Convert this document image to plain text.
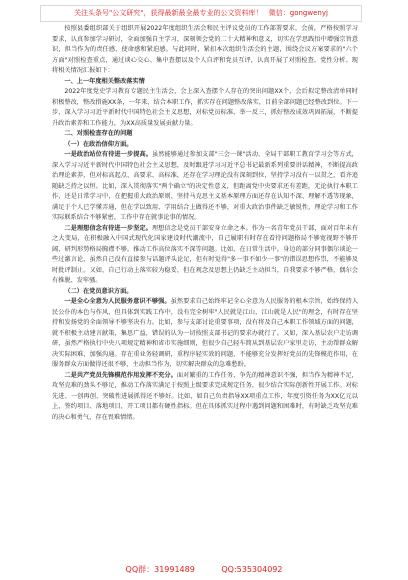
关注头条号"公文研究"，获得最新最全最专业的公文资料库！ 微信：gongwenyj

按照县委组织部关于组织开展2022年度组织生活会和民主评议党员的工作部署要求，会前，严格按照学习要求，认真参加学习研讨，全面加强自主学习，深刻领会党的二十大精神和意义，切实在学思践悟中增强宗旨意识，担当作为的责任感、使命感和紧迫感。与此同时，紧扣本次组织生活会的主题，围绕会议方案要求的"六个方面"对照检查重点，通过谈心交心、集中查摆以及个人自评和党员互评，认真开展了对照检查。党性分析。现将相关情况汇报如下：

一、上一年度相关整改落实情

2022年度党史学习教育专题民主生活会，会上深入查摆个人存在的突出问题XX个，会后拟定整改清单同时积极整改，整改措施XX条，一年来，结合本职工作，抓实存在问题整改落实，目前全部问题已经整改到位。下一步，深入学习习近平新时代中国特色社会主义思想，对标党员标准，举一反三，抓好整改成效巩固拓展，不断提升政治素养和工作能力，为XX高质量发展贡献力量。

二、对照检查存在的问题

（一）在政治信仰方面。

一是政治站位有待进一步提高。虽然能够通过参加支部"三会一课"活动、全局干部职工教育学习会等方式，深入学习习近平新时代中国特色社会主义思想，及时跟进学习习近平总书记最新系列重要讲话精神，不断提高政治理论素养，但对标高起点、高要求、高标准，还存在学习理论没有深刻到位，坚持学习没有一以贯之，看齐追随缺乏持之以恒。比如，深入贯彻落实"两个确立"的决定性意义，但距离党中央要求还有差距，无论执行本职工作，还是日常学习中，在把握重大政治原则、坚持马克思主义基本原理方面还存在认知不深、理解不透等现象，满足于个人已学懂弄通，但在学以致用、学用结合上做得还不够，对重大政治事件缺乏敏锐性，理论学习和工作实际联系结合不够紧密，工作中存在就事论事的情况。

二是理想信念有待进一步坚定。理想信念是党员干部安身立命之本。作为一名青年党员干部，面对百年未有之大变局，在积极融入中国式现代化国家建设时代潮流中，自己履职有时存在看待问题格局不够宽视野不够开阔，研判形势格局胸襟不够。推动工作高位落实不深等问题。比如，在日常生活中，身边的部分同事偶尔谈论一些过激言论，虽然自己没有直接参与话题评头论足，但有时觉得"多一事不如少一事"的错误思想作祟，不能够及时批评制止。又如，自己行动上落实较为稳妥，但在观念及思想上仍缺乏主动担当，自我要求不够严格，偶尔会有推脱、发牢骚。

（二）在党员意识方面。

一是全心全意为人民服务意识不够强。虽然要求自己始终牢记全心全意为人民服务的根本宗旨，始终保持人民公仆的本色与作风，但具体到实践工作中，没有完全树牢"人民就是江山，江山就是人民"的理念，有时存在坚持和发扬党的全面领导不够坚决有力。比如，参与支部讨论重要事项，没有将及自己本职工作领域方面的问题，就不积极主动建言献策，集思广益，错误的认为一切按照支部书记的要求办就行了。又如，深入基层农户走访调研，虽然严格执行中央八项规定精神和省市实施细则，但很少自己轻车简从到基层农户家里走访，主动帮群众解决实际困难，加强沟通。存在重业务轻调研，重程序轻实效的问题，不能够充分发挥好党员的先锋模范作用，在服务群众方面做得还很不够，主动担当作为，切实解决群众的急难愁盼。

二是共产党员先锋模范作用发挥不充分。面对繁重的工作任务，争先的精神意识不强，担当作为精神不足，攻坚克难的劲头不够足，推动工作落实满足于按照上级要求完成规定任务，很少结合实际创新性开展工作。对标先进、一创再创、突破性进展抓得还不够好。比如，如自己负责指导XX项重点工作，年度引资任务为XX亿元以上，签约项目、落地项目，开工项目都有硬性指标。但在具体抓实过程中遇到问题和困难时，有时缺乏攻坚克难的决心和勇气，存在畏难情绪。

QQ群：31991489	QQ:535304092
